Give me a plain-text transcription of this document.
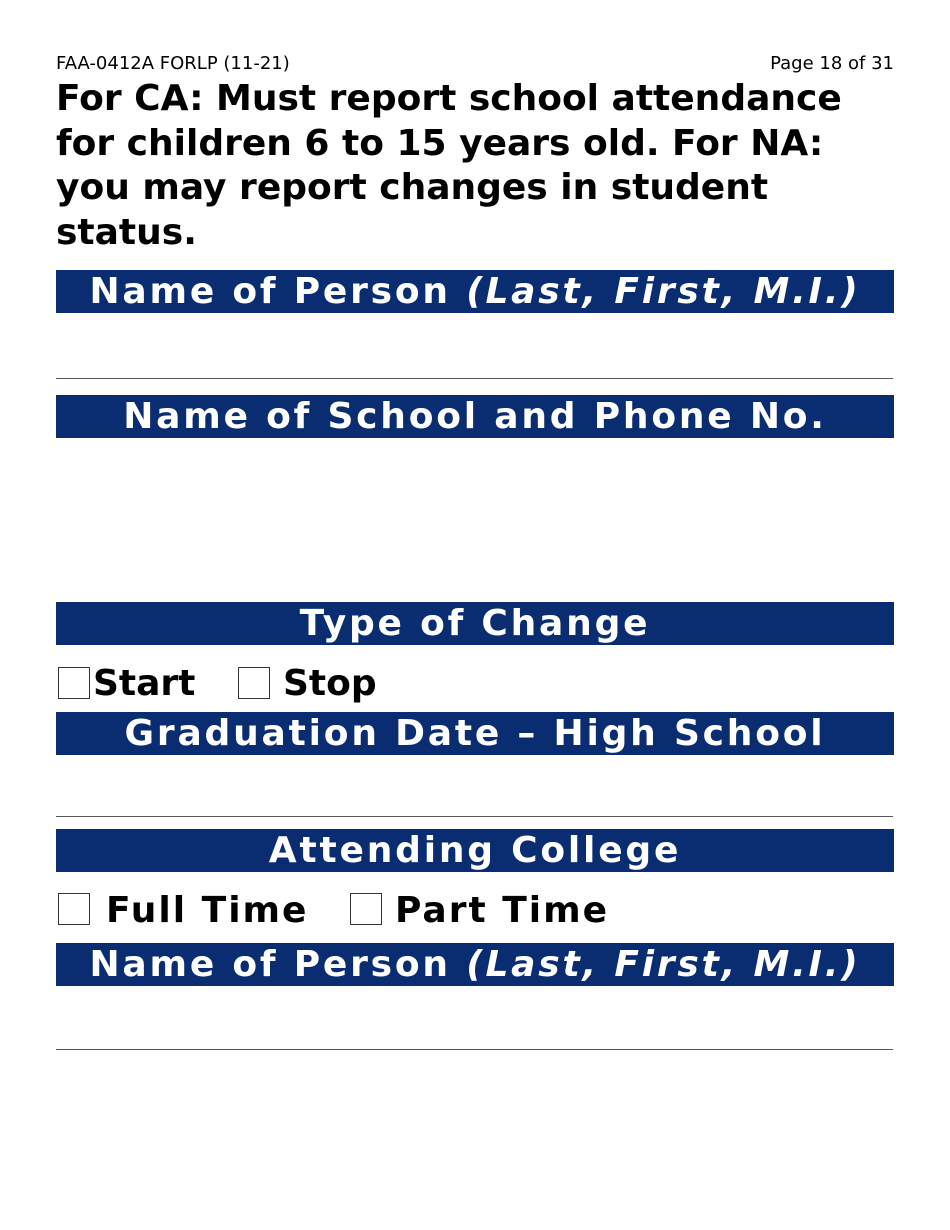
FAA-0412A FORLP (11-21)	Page 18 of 31

For CA: Must report school attendance for children 6 to 15 years old. For NA: you may report changes in student status.

Name of Person (Last, First, M.I.)
Name of School and Phone No.
Type of Change
Start Stop
Graduation Date – High School
Attending College
Full Time Part Time
Name of Person (Last, First, M.I.)
